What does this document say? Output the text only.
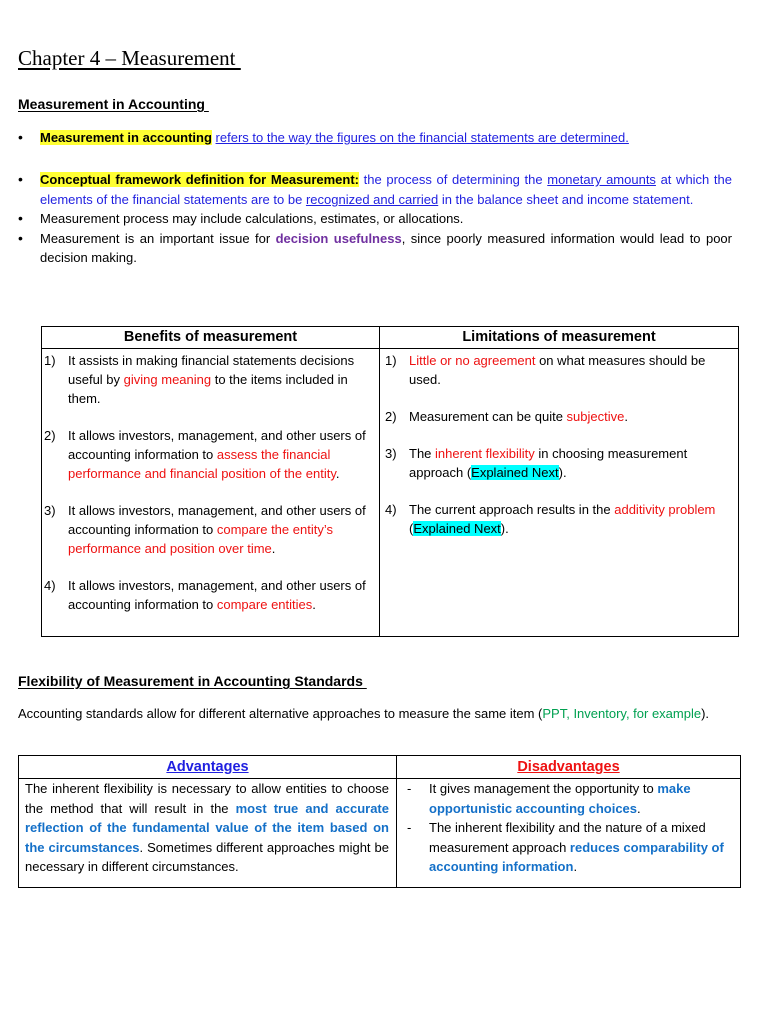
Chapter 4 – Measurement
Measurement in Accounting
• Measurement in accounting refers to the way the figures on the financial statements are determined.
• Conceptual framework definition for Measurement: the process of determining the monetary amounts at which the elements of the financial statements are to be recognized and carried in the balance sheet and income statement.
• Measurement process may include calculations, estimates, or allocations.
• Measurement is an important issue for decision usefulness, since poorly measured information would lead to poor decision making.
Benefits of measurement	Limitations of measurement
1) It assists in making financial statements decisions useful by giving meaning to the items included in them.
2) It allows investors, management, and other users of accounting information to assess the financial performance and financial position of the entity.
3) It allows investors, management, and other users of accounting information to compare the entity’s performance and position over time.
4) It allows investors, management, and other users of accounting information to compare entities.
1) Little or no agreement on what measures should be used.
2) Measurement can be quite subjective.
3) The inherent flexibility in choosing measurement approach (Explained Next).
4) The current approach results in the additivity problem (Explained Next).
Flexibility of Measurement in Accounting Standards
Accounting standards allow for different alternative approaches to measure the same item (PPT, Inventory, for example).
Advantages	Disadvantages
The inherent flexibility is necessary to allow entities to choose the method that will result in the most true and accurate reflection of the fundamental value of the item based on the circumstances. Sometimes different approaches might be necessary in different circumstances.
- It gives management the opportunity to make opportunistic accounting choices.
- The inherent flexibility and the nature of a mixed measurement approach reduces comparability of accounting information.
